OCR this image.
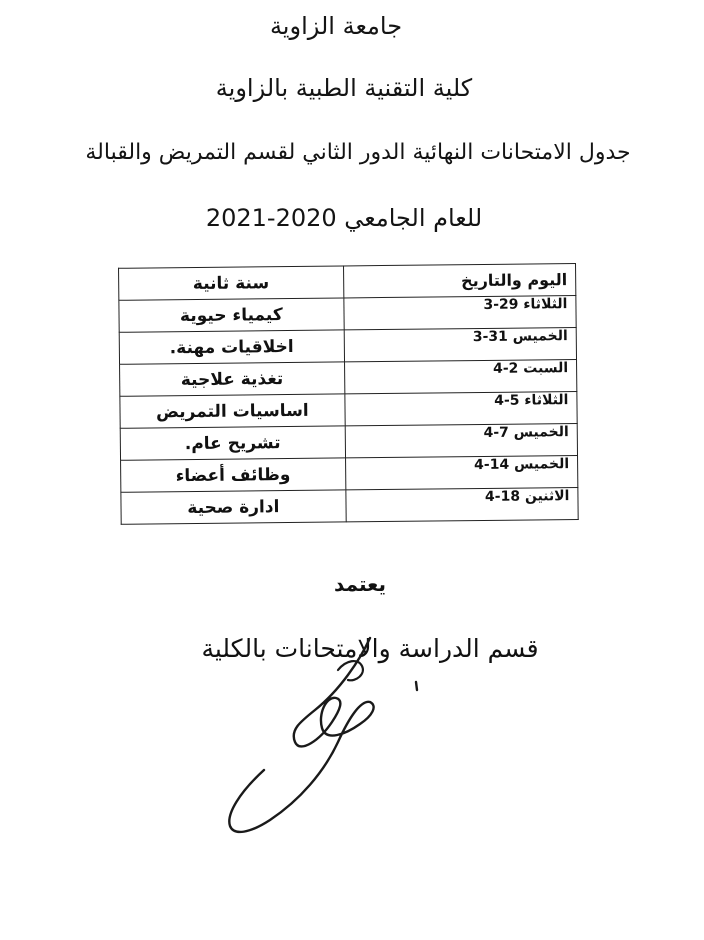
جامعة الزاوية
كلية التقنية الطبية بالزاوية
جدول الامتحانات النهائية الدور الثاني لقسم التمريض والقبالة
للعام الجامعي 2020-2021
اليوم والتاريخ	سنة ثانية
الثلاثاء 29-3	كيمياء حيوية
الخميس 31-3	اخلاقيات مهنة.
السبت 2-4	تغذية علاجية
الثلاثاء 5-4	اساسيات التمريض
الخميس 7-4	تشريح عام.
الخميس 14-4	وظائف أعضاء
الاثنين 18-4	ادارة صحية
يعتمد
قسم الدراسة والامتحانات بالكلية
